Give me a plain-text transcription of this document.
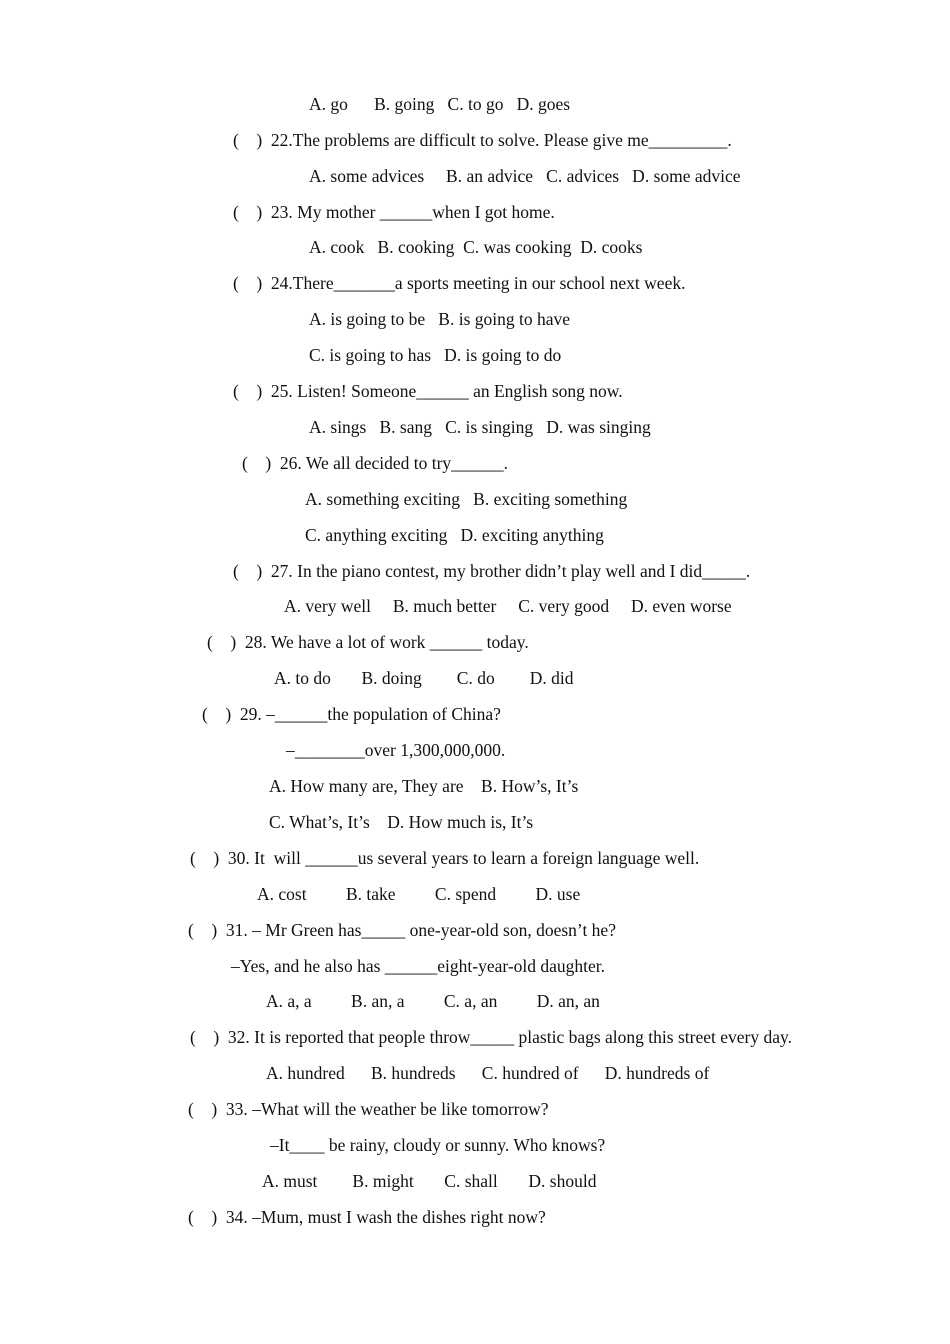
A. go      B. going   C. to go   D. goes
(    )  22.The problems are difficult to solve. Please give me_________.
A. some advices     B. an advice   C. advices   D. some advice
(    )  23. My mother ______when I got home.
A. cook   B. cooking  C. was cooking  D. cooks
(    )  24.There_______a sports meeting in our school next week.
A. is going to be   B. is going to have
C. is going to has   D. is going to do
(    )  25. Listen! Someone______ an English song now.
A. sings   B. sang   C. is singing   D. was singing
(    )  26. We all decided to try______.
A. something exciting   B. exciting something
C. anything exciting   D. exciting anything
(    )  27. In the piano contest, my brother didn’t play well and I did_____.
A. very well     B. much better     C. very good     D. even worse
(    )  28. We have a lot of work ______ today.
A. to do       B. doing        C. do        D. did
(    )  29. –______the population of China?
–________over 1,300,000,000.
A. How many are, They are    B. How’s, It’s
C. What’s, It’s    D. How much is, It’s
(    )  30. It  will ______us several years to learn a foreign language well.
A. cost         B. take         C. spend         D. use
(    )  31. – Mr Green has_____ one-year-old son, doesn’t he?
–Yes, and he also has ______eight-year-old daughter.
A. a, a         B. an, a         C. a, an         D. an, an
(    )  32. It is reported that people throw_____ plastic bags along this street every day.
A. hundred      B. hundreds      C. hundred of      D. hundreds of
(    )  33. –What will the weather be like tomorrow?
–It____ be rainy, cloudy or sunny. Who knows?
A. must        B. might       C. shall       D. should
(    )  34. –Mum, must I wash the dishes right now?
